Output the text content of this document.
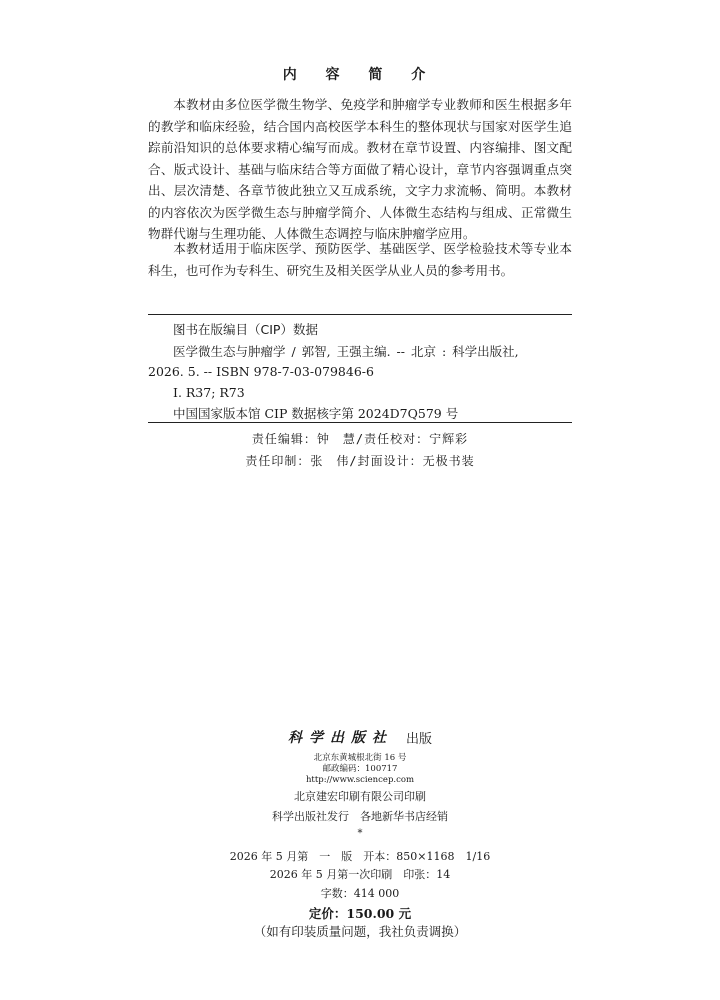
内 容 简 介

本教材由多位医学微生物学、免疫学和肿瘤学专业教师和医生根据多年的教学和临床经验，结合国内高校医学本科生的整体现状与国家对医学生追踪前沿知识的总体要求精心编写而成。教材在章节设置、内容编排、图文配合、版式设计、基础与临床结合等方面做了精心设计，章节内容强调重点突出、层次清楚、各章节彼此独立又互成系统，文字力求流畅、简明。本教材的内容依次为医学微生态与肿瘤学简介、人体微生态结构与组成、正常微生物群代谢与生理功能、人体微生态调控与临床肿瘤学应用。

本教材适用于临床医学、预防医学、基础医学、医学检验技术等专业本科生，也可作为专科生、研究生及相关医学从业人员的参考用书。

图书在版编目（CIP）数据
医学微生态与肿瘤学 / 郭智, 王强主编. -- 北京 : 科学出版社,
2026. 5. -- ISBN 978-7-03-079846-6
Ⅰ. R37; R73
中国国家版本馆 CIP 数据核字第 2024D7Q579 号
责任编辑：钟　慧/责任校对：宁辉彩
责任印制：张　伟/封面设计：无极书装
科学出版社 出版
北京东黄城根北街 16 号
邮政编码：100717
http://www.sciencep.com
北京建宏印刷有限公司印刷
科学出版社发行　各地新华书店经销
*
2026 年 5 月第　一　版　开本：850×1168　1/16
2026 年 5 月第一次印刷　印张：14
字数：414 000
定价：150.00 元
（如有印装质量问题，我社负责调换）
